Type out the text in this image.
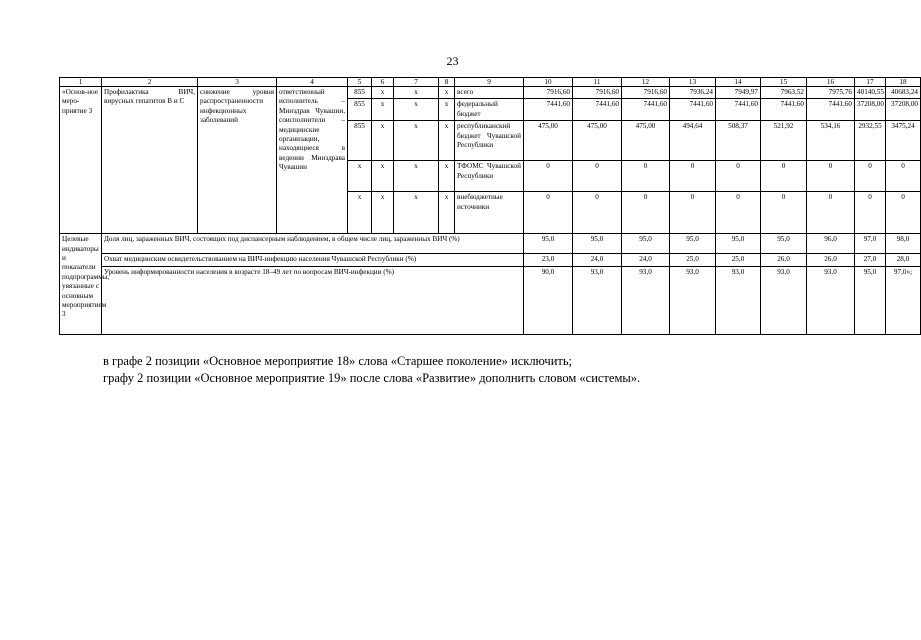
23
1	2	3	4	5	6	7	8	9	10	11	12	13	14	15	16	17	18
«Основ-ное меро-приятие 3	Профилактика ВИЧ, вирусных гепатитов В и С	снижение уровня распространенности инфекционных заболеваний	ответственный исполнитель – Минздрав Чувашии, соисполнители – медицинские организации, находящиеся в ведении Минздрава Чувашии	855	x	x	x	всего	7916,60	7916,60	7916,60	7936,24	7949,97	7963,52	7975,76	40140,55	40683,24
				855	x	x	x	федеральный бюджет	7441,60	7441,60	7441,60	7441,60	7441,60	7441,60	7441,60	37208,00	37208,00
				855	x	x	x	республиканский бюджет Чувашской Республики	475,00	475,00	475,00	494,64	508,37	521,92	534,16	2932,55	3475,24
				x	x	x	x	ТФОМС Чувашской Республики	0	0	0	0	0	0	0	0	0
				x	x	x	x	внебюджетные источники	0	0	0	0	0	0	0	0	0
Целевые индикаторы и показатели подпрограммы, увязанные с основным мероприятием 3	Доля лиц, зараженных ВИЧ, состоящих под диспансерным наблюдением, в общем числе лиц, зараженных ВИЧ (%)								95,0	95,0	95,0	95,0	95,0	95,0	96,0	97,0	98,0
	Охват медицинским освидетельствованием на ВИЧ-инфекцию населения Чувашской Республики (%)								23,0	24,0	24,0	25,0	25,0	26,0	26,0	27,0	28,0
	Уровень информированности населения в возрасте 18–49 лет по вопросам ВИЧ-инфекции (%)								90,0	93,0	93,0	93,0	93,0	93,0	93,0	95,0	97,0»;
в графе 2 позиции «Основное мероприятие 18» слова «Старшее поколение» исключить;
графу 2 позиции «Основное мероприятие 19» после слова «Развитие» дополнить словом «системы».
